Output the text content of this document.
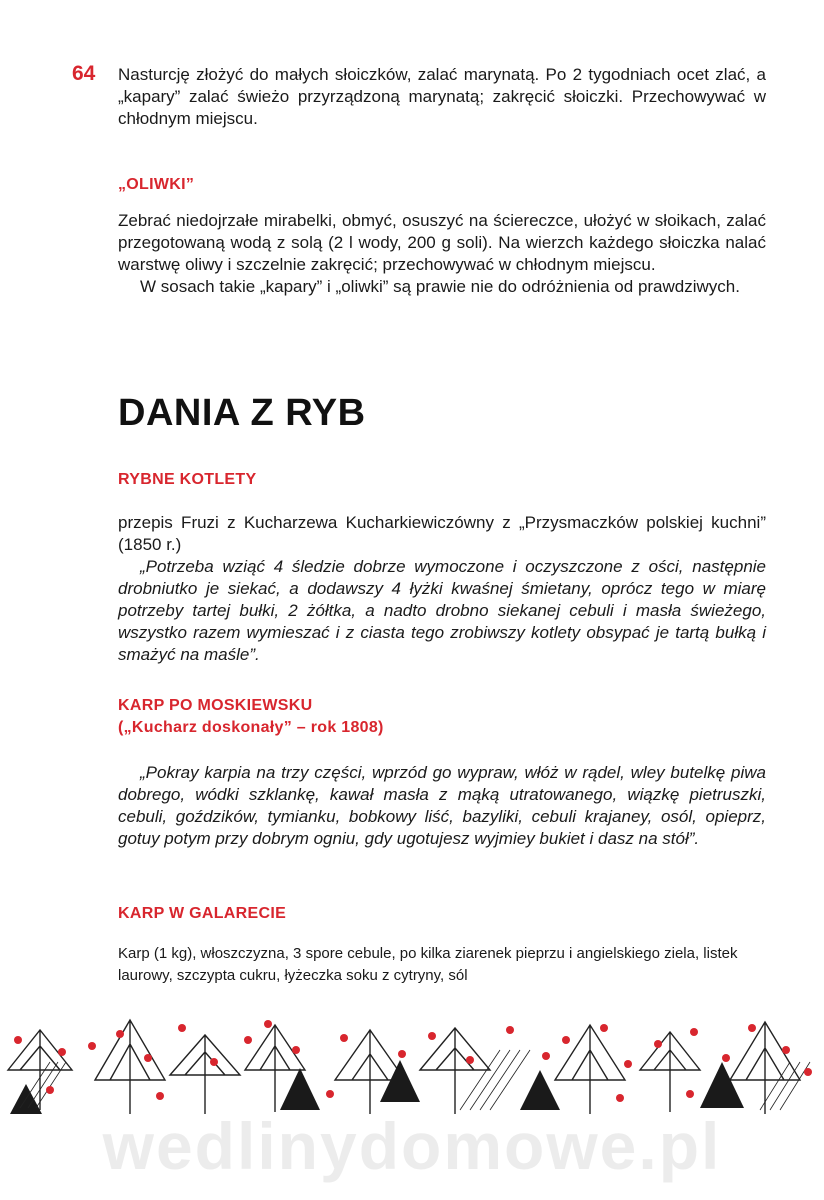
64 Nasturcję złożyć do małych słoiczków, zalać marynatą. Po 2 tygodniach ocet zlać, a „kapary” zalać świeżo przyrządzoną marynatą; zakręcić słoiczki. Przechowywać w chłodnym miejscu.

„OLIWKI”

Zebrać niedojrzałe mirabelki, obmyć, osuszyć na ściereczce, ułożyć w słoikach, zalać przegotowaną wodą z solą (2 l wody, 200 g soli). Na wierzch każdego słoiczka nalać warstwę oliwy i szczelnie zakręcić; przechowywać w chłodnym miejscu.

W sosach takie „kapary” i „oliwki” są prawie nie do odróżnienia od prawdziwych.

DANIA Z RYB
RYBNE KOTLETY

przepis Fruzi z Kucharzewa Kucharkiewiczówny z „Przysmaczków polskiej kuchni” (1850 r.)

„Potrzeba wziąć 4 śledzie dobrze wymoczone i oczyszczone z ości, następnie drobniutko je siekać, a dodawszy 4 łyżki kwaśnej śmietany, oprócz tego w miarę potrzeby tartej bułki, 2 żółtka, a nadto drobno siekanej cebuli i masła świeżego, wszystko razem wymieszać i z ciasta tego zrobiwszy kotlety obsypać je tartą bułką i smażyć na maśle”.

KARP PO MOSKIEWSKU
(„Kucharz doskonały” – rok 1808)

„Pokray karpia na trzy części, wprzód go wypraw, włóż w rądel, wley butelkę piwa dobrego, wódki szklankę, kawał masła z mąką utratowanego, wiązkę pietruszki, cebuli, goździków, tymianku, bobkowy liść, bazyliki, cebuli krajaney, osól, opieprz, gotuy potym przy dobrym ogniu, gdy ugotujesz wyjmiey bukiet i dasz na stół”.

KARP W GALARECIE

Karp (1 kg), włoszczyzna, 3 spore cebule, po kilka ziarenek pieprzu i angielskiego ziela, listek laurowy, szczypta cukru, łyżeczka soku z cytryny, sól

wedlinydomowe.pl
